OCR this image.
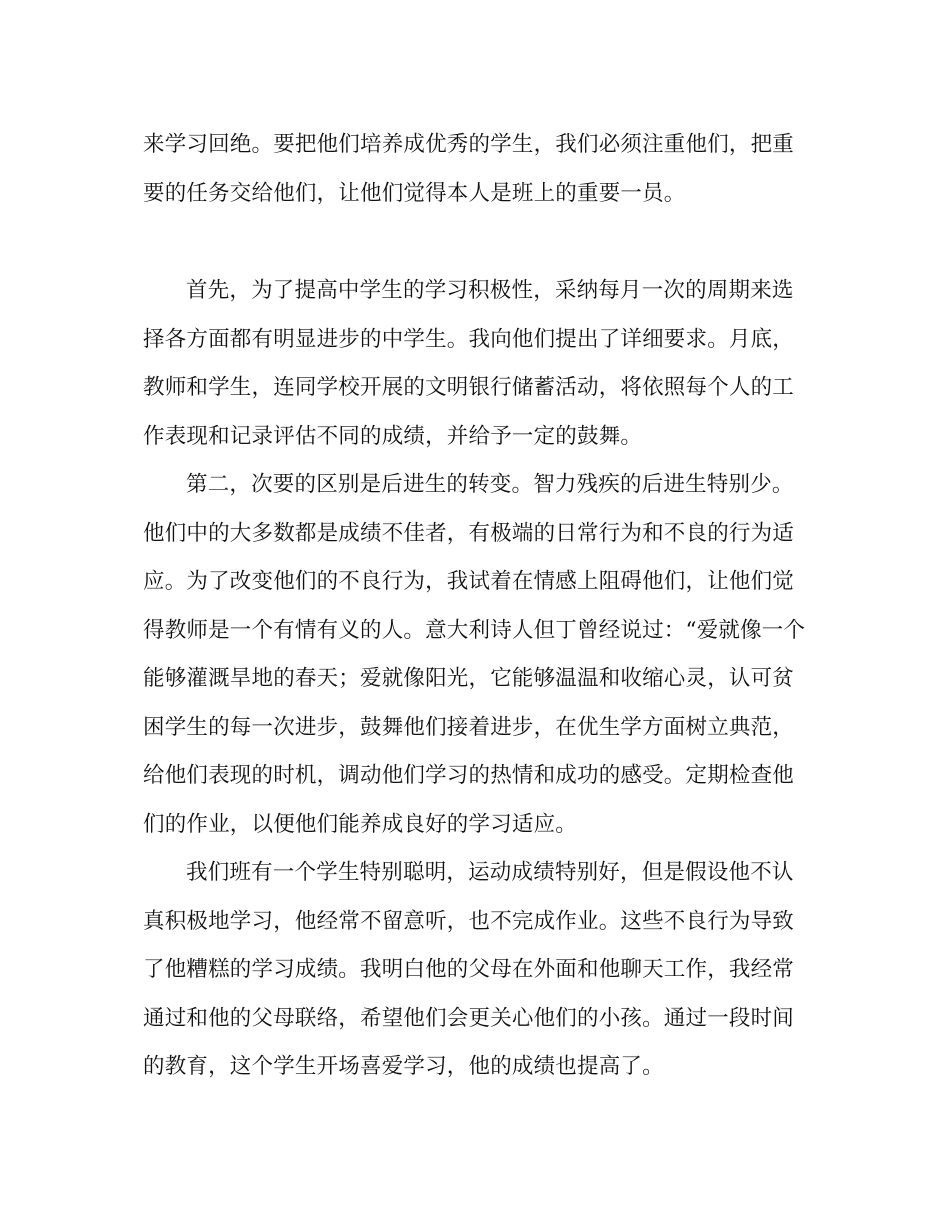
来学习回绝。要把他们培养成优秀的学生，我们必须注重他们，把重
要的任务交给他们，让他们觉得本人是班上的重要一员。
首先，为了提高中学生的学习积极性，采纳每月一次的周期来选
择各方面都有明显进步的中学生。我向他们提出了详细要求。月底，
教师和学生，连同学校开展的文明银行储蓄活动，将依照每个人的工
作表现和记录评估不同的成绩，并给予一定的鼓舞。
第二，次要的区别是后进生的转变。智力残疾的后进生特别少。
他们中的大多数都是成绩不佳者，有极端的日常行为和不良的行为适
应。为了改变他们的不良行为，我试着在情感上阻碍他们，让他们觉
得教师是一个有情有义的人。意大利诗人但丁曾经说过：“爱就像一个
能够灌溉旱地的春天；爱就像阳光，它能够温温和收缩心灵，认可贫
困学生的每一次进步，鼓舞他们接着进步，在优生学方面树立典范，
给他们表现的时机，调动他们学习的热情和成功的感受。定期检查他
们的作业，以便他们能养成良好的学习适应。
我们班有一个学生特别聪明，运动成绩特别好，但是假设他不认
真积极地学习，他经常不留意听，也不完成作业。这些不良行为导致
了他糟糕的学习成绩。我明白他的父母在外面和他聊天工作，我经常
通过和他的父母联络，希望他们会更关心他们的小孩。通过一段时间
的教育，这个学生开场喜爱学习，他的成绩也提高了。
